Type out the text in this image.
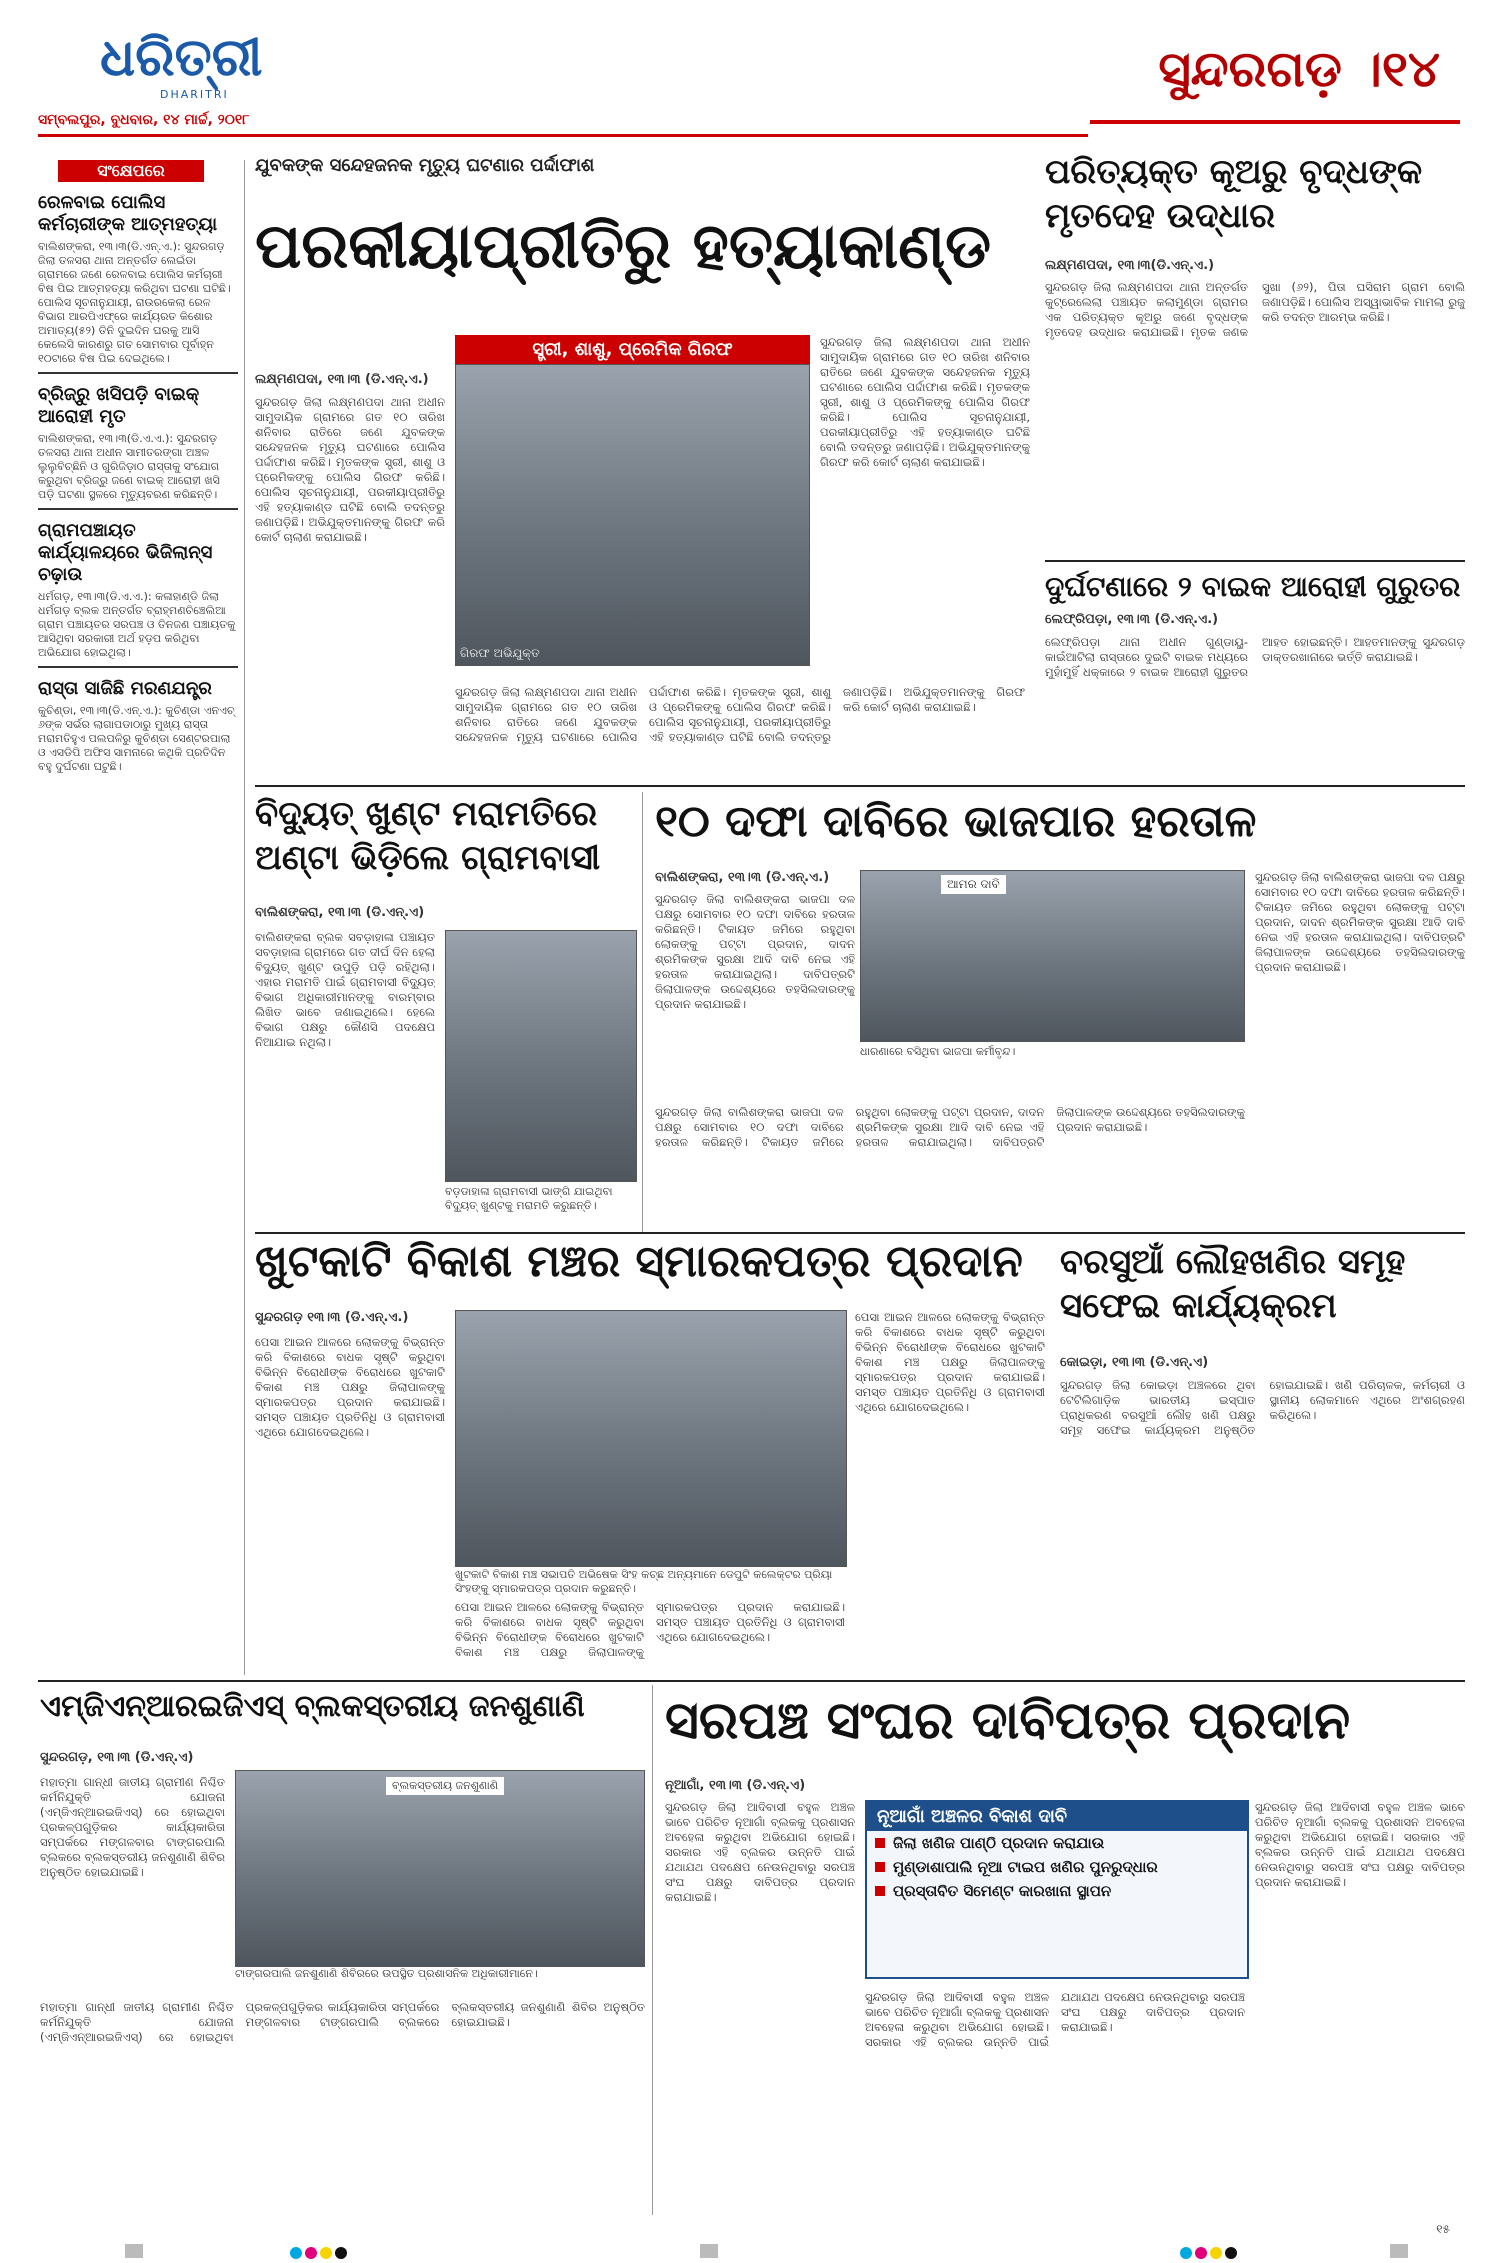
ଧରିତ୍ରୀ
DHARITRI
ସମ୍ବଲପୁର, ବୁଧବାର, ୧୪ ମାର୍ଚ୍ଚ, ୨୦୧୮
ସୁନ୍ଦରଗଡ଼ ।୧୪
ସଂକ୍ଷେପରେ
ରେଳବାଇ ପୋଲିସ କର୍ମଚାରୀଙ୍କ ଆତ୍ମହତ୍ୟା
ବାଲିଶଙ୍କରା, ୧୩।୩(ଡି.ଏନ୍.ଏ.): ସୁନ୍ଦରଗଡ଼ ଜିଲା ତଳସରା ଥାନା ଅନ୍ତର୍ଗତ ଲେଇଁଡା ଗ୍ରାମରେ ଜଣେ ରେଳବାଇ ପୋଲିସ କର୍ମଚାରୀ ବିଷ ପିଇ ଆତ୍ମହତ୍ୟା କରିଥିବା ଘଟଣା ଘଟିଛି। ପୋଲିସ ସୂଚନାନୁଯାୟୀ, ରାଉରକେଲା ରେଳ ବିଭାଗ ଆରପିଏଫ୍‌ରେ କାର୍ଯ୍ୟରତ କିଶୋର ଅମାତ୍ୟ(୫୨) ତିନି ଦୁଇଦିନ ଘରକୁ ଆସି କେଲେସି କାରଣରୁ ଗତ ସୋମବାର ପୂର୍ବାହ୍ନ ୧୦ଟାରେ ବିଷ ପିଇ ଦେଇଥିଲେ।
ବ୍ରିଜ୍‌ରୁ ଖସିପଡ଼ି ବାଇକ୍ ଆରୋହୀ ମୃତ
ବାଲିଶଙ୍କରା, ୧୩।୩(ଡି.ଏ.ଏ.): ସୁନ୍ଦରଗଡ଼ ତଳସରା ଥାନା ଅଧୀନ ସାମୀତରଙ୍ଗା ଅଞ୍ଚଳ ଲୁଲୁବିଚ୍ଛିନି ଓ ଗୁରିଜିଡ଼ାଠ ରାସ୍ତାକୁ ସଂଯୋଗ କରୁଥିବା ବ୍ରିଜ୍‌ରୁ ଜଣେ ବାଇକ୍ ଆରୋହୀ ଖସି ପଡ଼ି ଘଟଣା ସ୍ଥଳରେ ମୃତ୍ୟୁବରଣ କରିଛନ୍ତି।
ଗ୍ରାମପଞ୍ଚାୟତ କାର୍ଯ୍ୟାଳୟରେ ଭିଜିଲାନ୍ସ ଚଢ଼ାଉ
ଧର୍ମଗଡ଼, ୧୩।୩(ଡି.ଏ.ଏ.): କଳାହାଣ୍ଡି ଜିଲା ଧର୍ମଗଡ଼ ବ୍ଲକ ଅନ୍ତର୍ଗତ ବ୍ରାହ୍ମଣଚିଞ୍ଚେଲିଆ ଗ୍ରାମ ପଞ୍ଚାୟତର ସରପଞ୍ଚ ଓ ତିନଜଣ ପଞ୍ଚାୟତକୁ ଆସିଥିବା ସରକାରୀ ଅର୍ଥ ହଡ଼ପ କରିଥିବା ଅଭିଯୋଗ ହୋଇଥିଲା।
ରାସ୍ତା ସାଜିଛି ମରଣଯନ୍ତ୍ର
କୁଚିଣ୍ଡା, ୧୩।୩(ଡି.ଏନ୍.ଏ.): କୁଚିଣ୍ଡା ଏନଏଚ୍ ୬ଙ୍କ ସର୍ଭର ଲାଗାପଡାଠାରୁ ମୁଖ୍ୟ ରାସ୍ତା ମରାମତିହୁଏ ପଲପଳିରୁ କୁଚିଣ୍ଡା ସେଣ୍ଟରପାଲା ଓ ଏସଡିପି ଅଫିସ ସାମନାରେ କଥିକି ପ୍ରତିଦିନ ବହୁ ଦୁର୍ଘଟଣା ଘଟୁଛି।
ଯୁବକଙ୍କ ସନ୍ଦେହଜନକ ମୃତ୍ୟୁ ଘଟଣାର ପର୍ଦ୍ଦାଫାଶ
ପରକୀୟାପ୍ରୀତିରୁ ହତ୍ୟାକାଣ୍ଡ
ସ୍ତ୍ରୀ, ଶାଶୁ, ପ୍ରେମିକ ଗିରଫ
ଗିରଫ ଅଭିଯୁକ୍ତ
ଲକ୍ଷ୍ମଣପଦା, ୧୩।୩ (ଡି.ଏନ୍.ଏ.)
ସୁନ୍ଦରଗଡ଼ ଜିଲା ଲକ୍ଷ୍ମଣପଦା ଥାନା ଅଧୀନ ସାମୁଦାୟିକ ଗ୍ରାମରେ ଗତ ୧୦ ତାରିଖ ଶନିବାର ରାତିରେ ଜଣେ ଯୁବକଙ୍କ ସନ୍ଦେହଜନକ ମୃତ୍ୟୁ ଘଟଣାରେ ପୋଲିସ ପର୍ଦ୍ଦାଫାଶ କରିଛି। ମୃତକଙ୍କ ସ୍ତ୍ରୀ, ଶାଶୁ ଓ ପ୍ରେମିକଙ୍କୁ ପୋଲିସ ଗିରଫ କରିଛି। ପୋଲିସ ସୂଚନାନୁଯାୟୀ, ପରକୀୟାପ୍ରୀତିରୁ ଏହି ହତ୍ୟାକାଣ୍ଡ ଘଟିଛି ବୋଲି ତଦନ୍ତରୁ ଜଣାପଡ଼ିଛି। ଅଭିଯୁକ୍ତମାନଙ୍କୁ ଗିରଫ କରି କୋର୍ଟ ଚାଲାଣ କରାଯାଇଛି।
ସୁନ୍ଦରଗଡ଼ ଜିଲା ଲକ୍ଷ୍ମଣପଦା ଥାନା ଅଧୀନ ସାମୁଦାୟିକ ଗ୍ରାମରେ ଗତ ୧୦ ତାରିଖ ଶନିବାର ରାତିରେ ଜଣେ ଯୁବକଙ୍କ ସନ୍ଦେହଜନକ ମୃତ୍ୟୁ ଘଟଣାରେ ପୋଲିସ ପର୍ଦ୍ଦାଫାଶ କରିଛି। ମୃତକଙ୍କ ସ୍ତ୍ରୀ, ଶାଶୁ ଓ ପ୍ରେମିକଙ୍କୁ ପୋଲିସ ଗିରଫ କରିଛି। ପୋଲିସ ସୂଚନାନୁଯାୟୀ, ପରକୀୟାପ୍ରୀତିରୁ ଏହି ହତ୍ୟାକାଣ୍ଡ ଘଟିଛି ବୋଲି ତଦନ୍ତରୁ ଜଣାପଡ଼ିଛି। ଅଭିଯୁକ୍ତମାନଙ୍କୁ ଗିରଫ କରି କୋର୍ଟ ଚାଲାଣ କରାଯାଇଛି।
ସୁନ୍ଦରଗଡ଼ ଜିଲା ଲକ୍ଷ୍ମଣପଦା ଥାନା ଅଧୀନ ସାମୁଦାୟିକ ଗ୍ରାମରେ ଗତ ୧୦ ତାରିଖ ଶନିବାର ରାତିରେ ଜଣେ ଯୁବକଙ୍କ ସନ୍ଦେହଜନକ ମୃତ୍ୟୁ ଘଟଣାରେ ପୋଲିସ ପର୍ଦ୍ଦାଫାଶ କରିଛି। ମୃତକଙ୍କ ସ୍ତ୍ରୀ, ଶାଶୁ ଓ ପ୍ରେମିକଙ୍କୁ ପୋଲିସ ଗିରଫ କରିଛି। ପୋଲିସ ସୂଚନାନୁଯାୟୀ, ପରକୀୟାପ୍ରୀତିରୁ ଏହି ହତ୍ୟାକାଣ୍ଡ ଘଟିଛି ବୋଲି ତଦନ୍ତରୁ ଜଣାପଡ଼ିଛି। ଅଭିଯୁକ୍ତମାନଙ୍କୁ ଗିରଫ କରି କୋର୍ଟ ଚାଲାଣ କରାଯାଇଛି।
ପରିତ୍ୟକ୍ତ କୂଅରୁ ବୃଦ୍ଧଙ୍କ ମୃତଦେହ ଉଦ୍ଧାର
ଲକ୍ଷ୍ମଣପଦା, ୧୩।୩(ଡି.ଏନ୍.ଏ.)
ସୁନ୍ଦରଗଡ଼ ଜିଲା ଲକ୍ଷ୍ମଣପଦା ଥାନା ଅନ୍ତର୍ଗତ କୁଟ୍ରେଲେଲା ପଞ୍ଚାୟତ କଲାମୁଣ୍ଡା ଗ୍ରାମର ଏକ ପରିତ୍ୟକ୍ତ କୂଅରୁ ଜଣେ ବୃଦ୍ଧଙ୍କ ମୃତଦେହ ଉଦ୍ଧାର କରାଯାଇଛି। ମୃତକ ଜଣକ ସୁଖା (୬୨), ପିତା ଘସିରାମ ଗ୍ରାମ ବୋଲି ଜଣାପଡ଼ିଛି। ପୋଲିସ ଅସ୍ୱାଭାବିକ ମାମଲା ରୁଜୁ କରି ତଦନ୍ତ ଆରମ୍ଭ କରିଛି।
ଦୁର୍ଘଟଣାରେ ୨ ବାଇକ ଆରୋହୀ ଗୁରୁତର
ଲେଫ୍ରିପଡ଼ା, ୧୩।୩ (ଡି.ଏନ୍.ଏ.)
ଲେଫ୍ରିପଡ଼ା ଥାନା ଅଧୀନ ଗୁଣ୍ଡାୟୁ-କାଇଁଆଟିଲା ରାସ୍ତାରେ ଦୁଇଟି ବାଇକ ମଧ୍ୟରେ ମୁହାଁମୁହିଁ ଧକ୍କାରେ ୨ ବାଇକ ଆରୋହୀ ଗୁରୁତର ଆହତ ହୋଇଛନ୍ତି। ଆହତମାନଙ୍କୁ ସୁନ୍ଦରଗଡ଼ ଡାକ୍ତରଖାନାରେ ଭର୍ତ୍ତି କରାଯାଇଛି।
ବିଦ୍ୟୁତ୍ ଖୁଣ୍ଟ ମରାମତିରେ ଅଣ୍ଟା ଭିଡ଼ିଲେ ଗ୍ରାମବାସୀ
ବାଲିଶଙ୍କରା, ୧୩।୩ (ଡି.ଏନ୍.ଏ)
ବାଲିଶଙ୍କରା ବ୍ଲକ ସବଡ଼ାହାଳା ପଞ୍ଚାୟତ ସବଡ଼ାହାଳା ଗ୍ରାମରେ ଗତ ଦୀର୍ଘ ଦିନ ହେଲା ବିଦ୍ୟୁତ୍ ଖୁଣ୍ଟ ଉପୁଡ଼ି ପଡ଼ି ରହିଥିଲା। ଏହାର ମରାମତି ପାଇଁ ଗ୍ରାମବାସୀ ବିଦ୍ୟୁତ୍ ବିଭାଗ ଅଧିକାରୀମାନଙ୍କୁ ବାରମ୍ବାର ଲିଖିତ ଭାବେ ଜଣାଇଥିଲେ। ହେଲେ ବିଭାଗ ପକ୍ଷରୁ କୌଣସି ପଦକ୍ଷେପ ନିଆଯାଇ ନଥିଲା।
ବଡ଼ଡାହାଳା ଗ୍ରାମବାସୀ ଭାଙ୍ଗି ଯାଇଥିବା ବିଦ୍ୟୁତ୍ ଖୁଣ୍ଟକୁ ମରାମତି କରୁଛନ୍ତି।
୧୦ ଦଫା ଦାବିରେ ଭାଜପାର ହରତାଳ
ବାଲିଶଙ୍କରା, ୧୩।୩ (ଡି.ଏନ୍.ଏ.)
ସୁନ୍ଦରଗଡ଼ ଜିଲା ବାଲିଶଙ୍କରା ଭାଜପା ଦଳ ପକ୍ଷରୁ ସୋମବାର ୧୦ ଦଫା ଦାବିରେ ହରତାଳ କରିଛନ୍ତି। ଟିକାୟତ ଜମିରେ ରହୁଥିବା ଲୋକଙ୍କୁ ପଟ୍ଟା ପ୍ରଦାନ, ଦାଦନ ଶ୍ରମିକଙ୍କ ସୁରକ୍ଷା ଆଦି ଦାବି ନେଇ ଏହି ହରତାଳ କରାଯାଇଥିଲା। ଦାବିପତ୍ରଟି ଜିଲାପାଳଙ୍କ ଉଦ୍ଦେଶ୍ୟରେ ତହସିଲଦାରଙ୍କୁ ପ୍ରଦାନ କରାଯାଇଛି।
ଆମର ଦାବି
ଧାରଣାରେ ବସିଥିବା ଭାଜପା କର୍ମୀବୃନ୍ଦ।
ସୁନ୍ଦରଗଡ଼ ଜିଲା ବାଲିଶଙ୍କରା ଭାଜପା ଦଳ ପକ୍ଷରୁ ସୋମବାର ୧୦ ଦଫା ଦାବିରେ ହରତାଳ କରିଛନ୍ତି। ଟିକାୟତ ଜମିରେ ରହୁଥିବା ଲୋକଙ୍କୁ ପଟ୍ଟା ପ୍ରଦାନ, ଦାଦନ ଶ୍ରମିକଙ୍କ ସୁରକ୍ଷା ଆଦି ଦାବି ନେଇ ଏହି ହରତାଳ କରାଯାଇଥିଲା। ଦାବିପତ୍ରଟି ଜିଲାପାଳଙ୍କ ଉଦ୍ଦେଶ୍ୟରେ ତହସିଲଦାରଙ୍କୁ ପ୍ରଦାନ କରାଯାଇଛି।
ସୁନ୍ଦରଗଡ଼ ଜିଲା ବାଲିଶଙ୍କରା ଭାଜପା ଦଳ ପକ୍ଷରୁ ସୋମବାର ୧୦ ଦଫା ଦାବିରେ ହରତାଳ କରିଛନ୍ତି। ଟିକାୟତ ଜମିରେ ରହୁଥିବା ଲୋକଙ୍କୁ ପଟ୍ଟା ପ୍ରଦାନ, ଦାଦନ ଶ୍ରମିକଙ୍କ ସୁରକ୍ଷା ଆଦି ଦାବି ନେଇ ଏହି ହରତାଳ କରାଯାଇଥିଲା। ଦାବିପତ୍ରଟି ଜିଲାପାଳଙ୍କ ଉଦ୍ଦେଶ୍ୟରେ ତହସିଲଦାରଙ୍କୁ ପ୍ରଦାନ କରାଯାଇଛି।
ଖୁଟକାଟି ବିକାଶ ମଞ୍ଚର ସ୍ମାରକପତ୍ର ପ୍ରଦାନ
ସୁନ୍ଦରଗଡ଼ ୧୩।୩ (ଡି.ଏନ୍.ଏ.)
ପେସା ଆଇନ ଆଳରେ ଲୋକଙ୍କୁ ବିଭ୍ରାନ୍ତ କରି ବିକାଶରେ ବାଧକ ସୃଷ୍ଟି କରୁଥିବା ବିଭିନ୍ନ ବିରୋଧୀଙ୍କ ବିରୋଧରେ ଖୁଟକାଟି ବିକାଶ ମଞ୍ଚ ପକ୍ଷରୁ ଜିଲାପାଳଙ୍କୁ ସ୍ମାରକପତ୍ର ପ୍ରଦାନ କରାଯାଇଛି। ସମସ୍ତ ପଞ୍ଚାୟତ ପ୍ରତିନିଧି ଓ ଗ୍ରାମବାସୀ ଏଥିରେ ଯୋଗଦେଇଥିଲେ।
ଖୁଟକାଟି ବିକାଶ ମଞ୍ଚ ସଭାପତି ଅଭିଷେକ ସିଂହ କଚ୍ଛ ଅନ୍ୟମାନେ ଡେପୁଟି କଲେକ୍ଟର ପ୍ରିୟା ସିଂହଙ୍କୁ ସ୍ମାରକପତ୍ର ପ୍ରଦାନ କରୁଛନ୍ତି।
ପେସା ଆଇନ ଆଳରେ ଲୋକଙ୍କୁ ବିଭ୍ରାନ୍ତ କରି ବିକାଶରେ ବାଧକ ସୃଷ୍ଟି କରୁଥିବା ବିଭିନ୍ନ ବିରୋଧୀଙ୍କ ବିରୋଧରେ ଖୁଟକାଟି ବିକାଶ ମଞ୍ଚ ପକ୍ଷରୁ ଜିଲାପାଳଙ୍କୁ ସ୍ମାରକପତ୍ର ପ୍ରଦାନ କରାଯାଇଛି। ସମସ୍ତ ପଞ୍ଚାୟତ ପ୍ରତିନିଧି ଓ ଗ୍ରାମବାସୀ ଏଥିରେ ଯୋଗଦେଇଥିଲେ।
ପେସା ଆଇନ ଆଳରେ ଲୋକଙ୍କୁ ବିଭ୍ରାନ୍ତ କରି ବିକାଶରେ ବାଧକ ସୃଷ୍ଟି କରୁଥିବା ବିଭିନ୍ନ ବିରୋଧୀଙ୍କ ବିରୋଧରେ ଖୁଟକାଟି ବିକାଶ ମଞ୍ଚ ପକ୍ଷରୁ ଜିଲାପାଳଙ୍କୁ ସ୍ମାରକପତ୍ର ପ୍ରଦାନ କରାଯାଇଛି। ସମସ୍ତ ପଞ୍ଚାୟତ ପ୍ରତିନିଧି ଓ ଗ୍ରାମବାସୀ ଏଥିରେ ଯୋଗଦେଇଥିଲେ।
ବରସୁଆଁ ଲୌହଖଣିର ସମୂହ ସଫେଇ କାର୍ଯ୍ୟକ୍ରମ
କୋଇଡ଼ା, ୧୩।୩ (ଡି.ଏନ୍.ଏ)
ସୁନ୍ଦରଗଡ଼ ଜିଲା କୋଇଡ଼ା ଅଞ୍ଚଳରେ ଥିବା ଟେଟିଲିଗାଡ଼ିକ ଭାରତୀୟ ଇସ୍ପାତ ପ୍ରାଧିକରଣ ବରସୁଆଁ ଲୌହ ଖଣି ପକ୍ଷରୁ ସମୂହ ସଫେଇ କାର୍ଯ୍ୟକ୍ରମ ଅନୁଷ୍ଠିତ ହୋଇଯାଇଛି। ଖଣି ପରିଚାଳକ, କର୍ମଚାରୀ ଓ ସ୍ଥାନୀୟ ଲୋକମାନେ ଏଥିରେ ଅଂଶଗ୍ରହଣ କରିଥିଲେ।
ଏମ୍‌ଜିଏନ୍‌ଆରଇଜିଏସ୍ ବ୍ଲକସ୍ତରୀୟ ଜନଶୁଣାଣି
ସୁନ୍ଦରଗଡ଼, ୧୩।୩ (ଡି.ଏନ୍.ଏ)
ମହାତ୍ମା ଗାନ୍ଧୀ ଜାତୀୟ ଗ୍ରାମୀଣ ନିଶ୍ଚିତ କର୍ମନିଯୁକ୍ତି ଯୋଜନା (ଏମ୍‌ଜିଏନ୍‌ଆରଇଜିଏସ୍) ରେ ହୋଇଥିବା ପ୍ରକଳ୍ପଗୁଡ଼ିକର କାର୍ଯ୍ୟକାରିତା ସମ୍ପର୍କରେ ମଙ୍ଗଳବାର ଟାଙ୍ଗରପାଲି ବ୍ଲକରେ ବ୍ଲକସ୍ତରୀୟ ଜନଶୁଣାଣି ଶିବିର ଅନୁଷ୍ଠିତ ହୋଇଯାଇଛି।
ବ୍ଲକସ୍ତରୀୟ ଜନଶୁଣାଣି
ଟାଙ୍ଗରପାଲି ଜନଶୁଣାଣି ଶିବିରରେ ଉପସ୍ଥିତ ପ୍ରଶାସନିକ ଅଧିକାରୀମାନେ।
ମହାତ୍ମା ଗାନ୍ଧୀ ଜାତୀୟ ଗ୍ରାମୀଣ ନିଶ୍ଚିତ କର୍ମନିଯୁକ୍ତି ଯୋଜନା (ଏମ୍‌ଜିଏନ୍‌ଆରଇଜିଏସ୍) ରେ ହୋଇଥିବା ପ୍ରକଳ୍ପଗୁଡ଼ିକର କାର୍ଯ୍ୟକାରିତା ସମ୍ପର୍କରେ ମଙ୍ଗଳବାର ଟାଙ୍ଗରପାଲି ବ୍ଲକରେ ବ୍ଲକସ୍ତରୀୟ ଜନଶୁଣାଣି ଶିବିର ଅନୁଷ୍ଠିତ ହୋଇଯାଇଛି।
ସରପଞ୍ଚ ସଂଘର ଦାବିପତ୍ର ପ୍ରଦାନ
ନୂଆଗାଁ, ୧୩।୩ (ଡି.ଏନ୍.ଏ)
ସୁନ୍ଦରଗଡ଼ ଜିଲା ଆଦିବାସୀ ବହୁଳ ଅଞ୍ଚଳ ଭାବେ ପରିଚିତ ନୂଆଗାଁ ବ୍ଲକକୁ ପ୍ରଶାସନ ଅବହେଳା କରୁଥିବା ଅଭିଯୋଗ ହୋଇଛି। ସରକାର ଏହି ବ୍ଲକର ଉନ୍ନତି ପାଇଁ ଯଥାଯଥ ପଦକ୍ଷେପ ନେଉନଥିବାରୁ ସରପଞ୍ଚ ସଂଘ ପକ୍ଷରୁ ଦାବିପତ୍ର ପ୍ରଦାନ କରାଯାଇଛି।
ନୂଆଗାଁ ଅଞ୍ଚଳର ବିକାଶ ଦାବି
ଜିଲା ଖଣିଜ ପାଣ୍ଠି ପ୍ରଦାନ କରାଯାଉ
ମୁଣ୍ଡାଶାପାଲି ନୂଆ ଟାଇପ ଖଣିର ପୁନରୁଦ୍ଧାର
ପ୍ରସ୍ତାବିତ ସିମେଣ୍ଟ କାରଖାନା ସ୍ଥାପନ
ସୁନ୍ଦରଗଡ଼ ଜିଲା ଆଦିବାସୀ ବହୁଳ ଅଞ୍ଚଳ ଭାବେ ପରିଚିତ ନୂଆଗାଁ ବ୍ଲକକୁ ପ୍ରଶାସନ ଅବହେଳା କରୁଥିବା ଅଭିଯୋଗ ହୋଇଛି। ସରକାର ଏହି ବ୍ଲକର ଉନ୍ନତି ପାଇଁ ଯଥାଯଥ ପଦକ୍ଷେପ ନେଉନଥିବାରୁ ସରପଞ୍ଚ ସଂଘ ପକ୍ଷରୁ ଦାବିପତ୍ର ପ୍ରଦାନ କରାଯାଇଛି।
ସୁନ୍ଦରଗଡ଼ ଜିଲା ଆଦିବାସୀ ବହୁଳ ଅଞ୍ଚଳ ଭାବେ ପରିଚିତ ନୂଆଗାଁ ବ୍ଲକକୁ ପ୍ରଶାସନ ଅବହେଳା କରୁଥିବା ଅଭିଯୋଗ ହୋଇଛି। ସରକାର ଏହି ବ୍ଲକର ଉନ୍ନତି ପାଇଁ ଯଥାଯଥ ପଦକ୍ଷେପ ନେଉନଥିବାରୁ ସରପଞ୍ଚ ସଂଘ ପକ୍ଷରୁ ଦାବିପତ୍ର ପ୍ରଦାନ କରାଯାଇଛି।
୧୫
